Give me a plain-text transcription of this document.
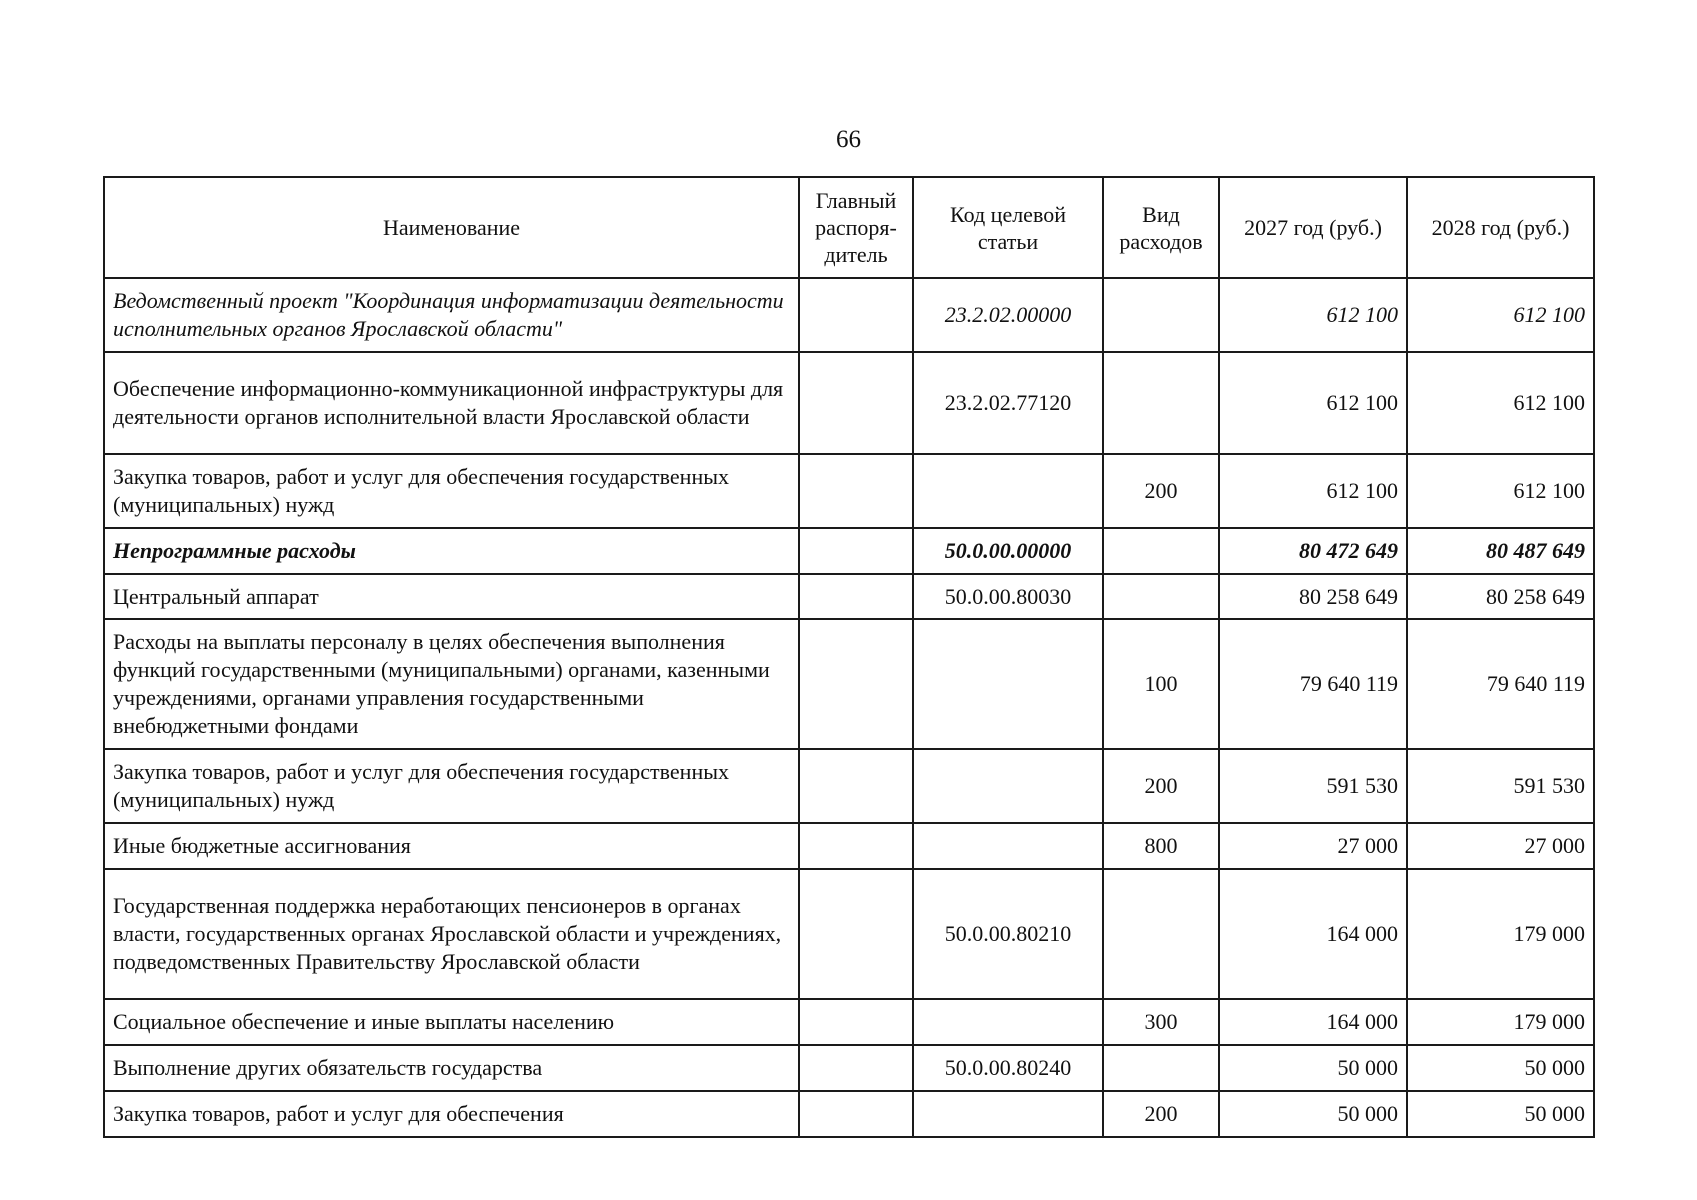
66
Наименование	Главный распоря-дитель	Код целевой статьи	Вид расходов	2027 год (руб.)	2028 год (руб.)
Ведомственный проект "Координация информатизации деятельности исполнительных органов Ярославской области"		23.2.02.00000		612 100	612 100
Обеспечение информационно-коммуникационной инфраструктуры для деятельности органов исполнительной власти Ярославской области		23.2.02.77120		612 100	612 100
Закупка товаров, работ и услуг для обеспечения государственных (муниципальных) нужд			200	612 100	612 100
Непрограммные расходы		50.0.00.00000		80 472 649	80 487 649
Центральный аппарат		50.0.00.80030		80 258 649	80 258 649
Расходы на выплаты персоналу в целях обеспечения выполнения функций государственными (муниципальными) органами, казенными учреждениями, органами управления государственными внебюджетными фондами			100	79 640 119	79 640 119
Закупка товаров, работ и услуг для обеспечения государственных (муниципальных) нужд			200	591 530	591 530
Иные бюджетные ассигнования			800	27 000	27 000
Государственная поддержка неработающих пенсионеров в органах власти, государственных органах Ярославской области и учреждениях, подведомственных Правительству Ярославской области		50.0.00.80210		164 000	179 000
Социальное обеспечение и иные выплаты населению			300	164 000	179 000
Выполнение других обязательств государства		50.0.00.80240		50 000	50 000
Закупка товаров, работ и услуг для обеспечения			200	50 000	50 000
